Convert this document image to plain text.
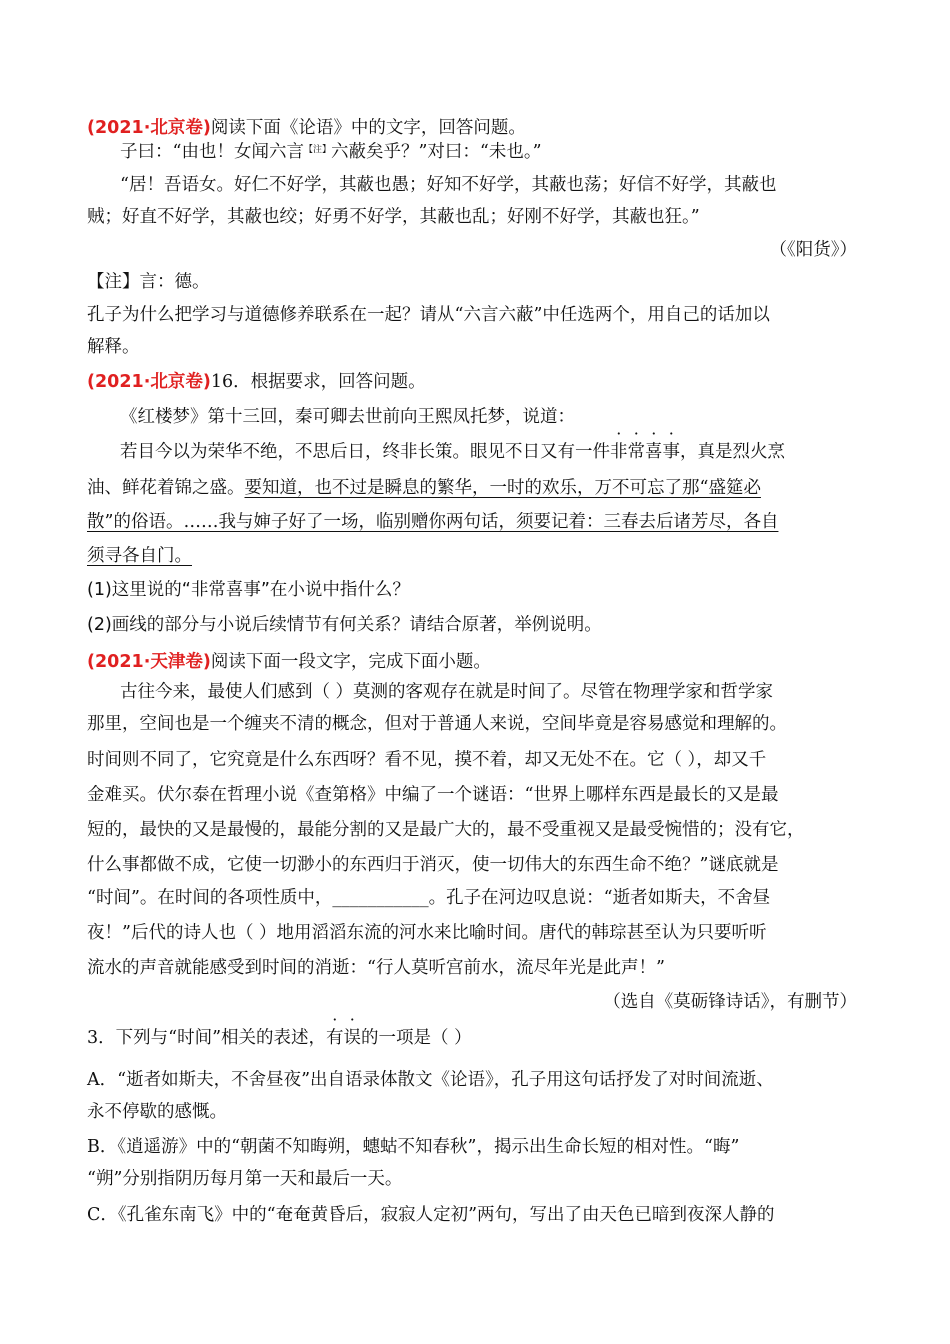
(2021·北京卷)阅读下面《论语》中的文字，回答问题。
子曰：“由也！女闻六言$^{【注】}$六蔽矣乎？”对曰：“未也。”
“居！吾语女。好仁不好学，其蔽也愚；好知不好学，其蔽也荡；好信不好学，其蔽也
贼；好直不好学，其蔽也绞；好勇不好学，其蔽也乱；好刚不好学，其蔽也狂。”
（《阳货》）
【注】言：德。
孔子为什么把学习与道德修养联系在一起？请从“六言六蔽”中任选两个，用自己的话加以
解释。
(2021·北京卷)16．根据要求，回答问题。
《红楼梦》第十三回，秦可卿去世前向王熙凤托梦，说道：
若目今以为荣华不绝，不思后日，终非长策。眼见不日又有一件非常喜事，真是烈火烹
油、鲜花着锦之盛。要知道，也不过是瞬息的繁华，一时的欢乐，万不可忘了那“盛筵必
散”的俗语。……我与婶子好了一场，临别赠你两句话，须要记着：三春去后诸芳尽，各自
须寻各自门。
(1)这里说的“非常喜事”在小说中指什么？
(2)画线的部分与小说后续情节有何关系？请结合原著，举例说明。
(2021·天津卷)阅读下面一段文字，完成下面小题。
古往今来，最使人们感到（ ）莫测的客观存在就是时间了。尽管在物理学家和哲学家
那里，空间也是一个缠夹不清的概念，但对于普通人来说，空间毕竟是容易感觉和理解的。
时间则不同了，它究竟是什么东西呀？看不见，摸不着，却又无处不在。它（ ），却又千
金难买。伏尔泰在哲理小说《查第格》中编了一个谜语：“世界上哪样东西是最长的又是最
短的，最快的又是最慢的，最能分割的又是最广大的，最不受重视又是最受惋惜的；没有它，
什么事都做不成，它使一切渺小的东西归于消灭，使一切伟大的东西生命不绝？”谜底就是
“时间”。在时间的各项性质中，___________。孔子在河边叹息说：“逝者如斯夫，不舍昼
夜！”后代的诗人也（ ）地用滔滔东流的河水来比喻时间。唐代的韩琮甚至认为只要听听
流水的声音就能感受到时间的消逝：“行人莫听宫前水，流尽年光是此声！”
（选自《莫砺锋诗话》，有删节）
3．下列与“时间”相关的表述，有误的一项是（ ）
A．“逝者如斯夫，不舍昼夜”出自语录体散文《论语》，孔子用这句话抒发了对时间流逝、
永不停歇的感慨。
B．《逍遥游》中的“朝菌不知晦朔，蟪蛄不知春秋”，揭示出生命长短的相对性。“晦”
“朔”分别指阴历每月第一天和最后一天。
C．《孔雀东南飞》中的“奄奄黄昏后，寂寂人定初”两句，写出了由天色已暗到夜深人静的
